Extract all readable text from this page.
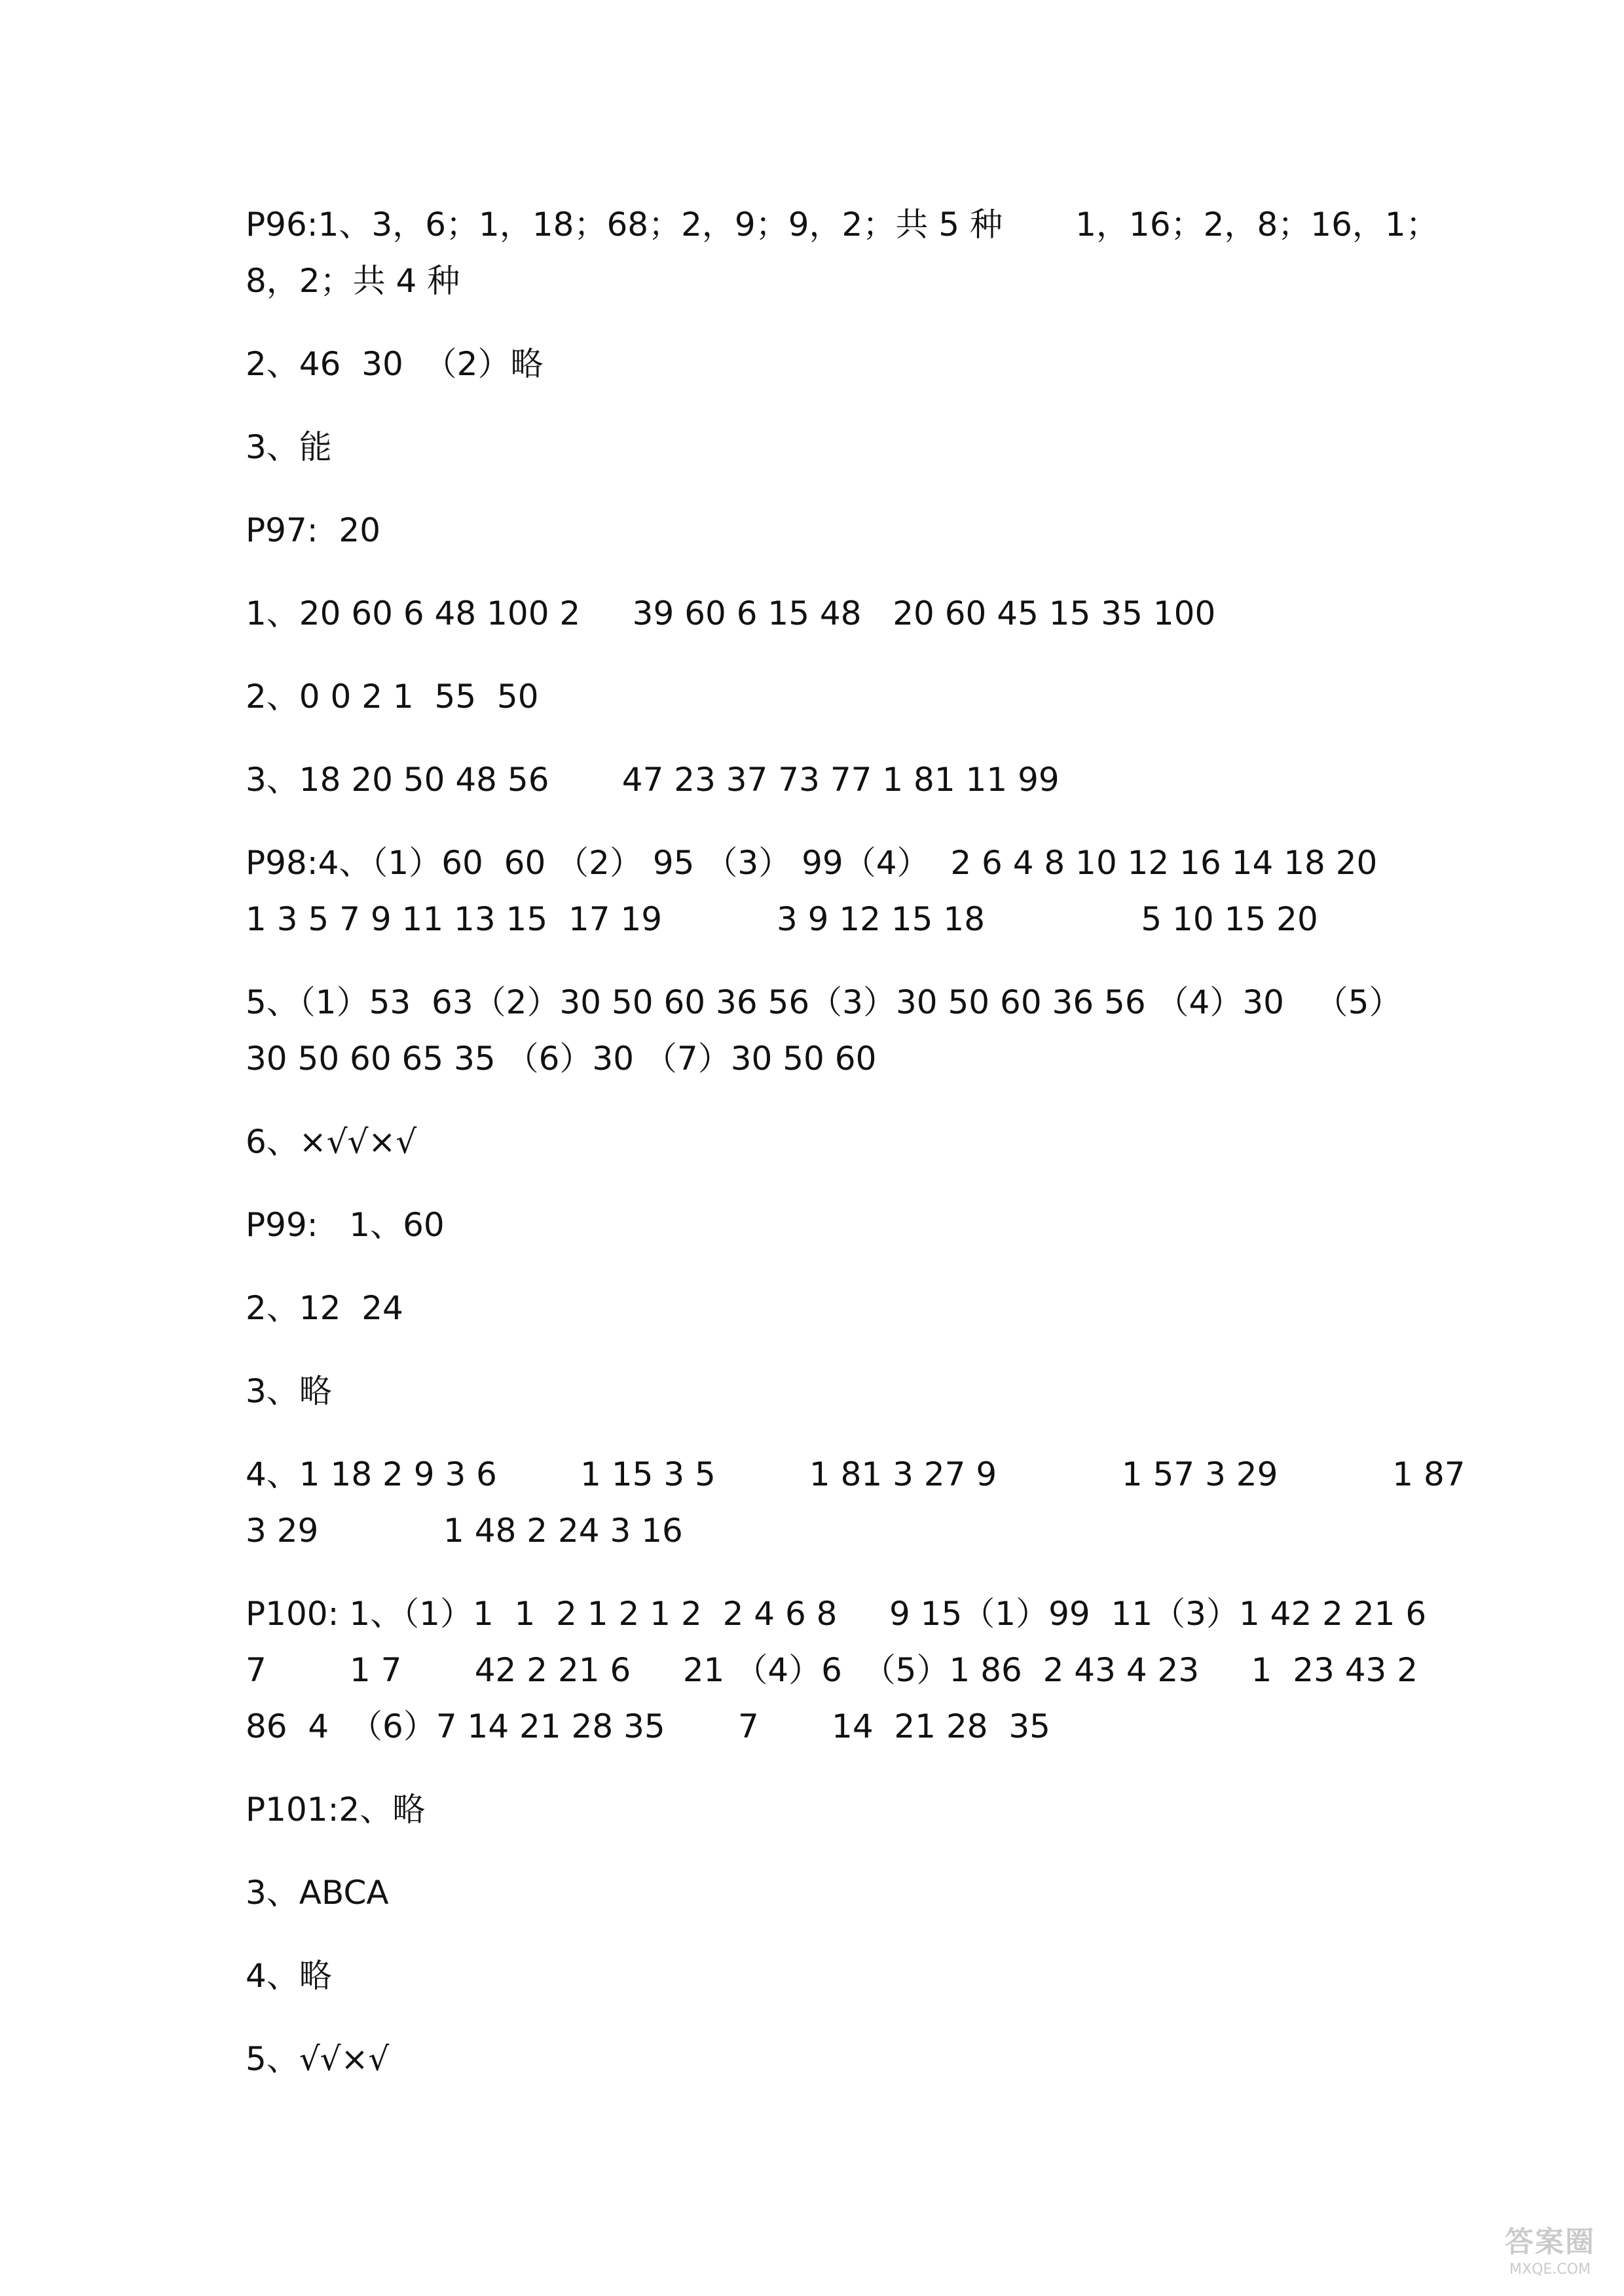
P96:1、3，6；1，18；68；2，9；9，2；共 5 种       1，16；2，8；16，1；
8，2；共 4 种
2、46  30  （2）略
3、能
P97:  20
1、20 60 6 48 100 2     39 60 6 15 48   20 60 45 15 35 100
2、0 0 2 1  55  50
3、18 20 50 48 56       47 23 37 73 77 1 81 11 99
P98:4、（1）60  60 （2） 95 （3） 99（4）  2 6 4 8 10 12 16 14 18 20
1 3 5 7 9 11 13 15  17 19           3 9 12 15 18               5 10 15 20
5、（1）53  63（2）30 50 60 36 56（3）30 50 60 36 56 （4）30   （5）
30 50 60 65 35 （6）30 （7）30 50 60
6、×√√×√
P99:   1、60
2、12  24
3、略
4、1 18 2 9 3 6        1 15 3 5         1 81 3 27 9            1 57 3 29           1 87
3 29            1 48 2 24 3 16
P100: 1、（1）1  1  2 1 2 1 2  2 4 6 8     9 15（1）99  11（3）1 42 2 21 6
7        1 7       42 2 21 6     21 （4）6  （5）1 86  2 43 4 23     1  23 43 2
86  4  （6）7 14 21 28 35       7       14  21 28  35
P101:2、略
3、ABCA
4、略
5、√√×√
答案圈
MXQE.COM
